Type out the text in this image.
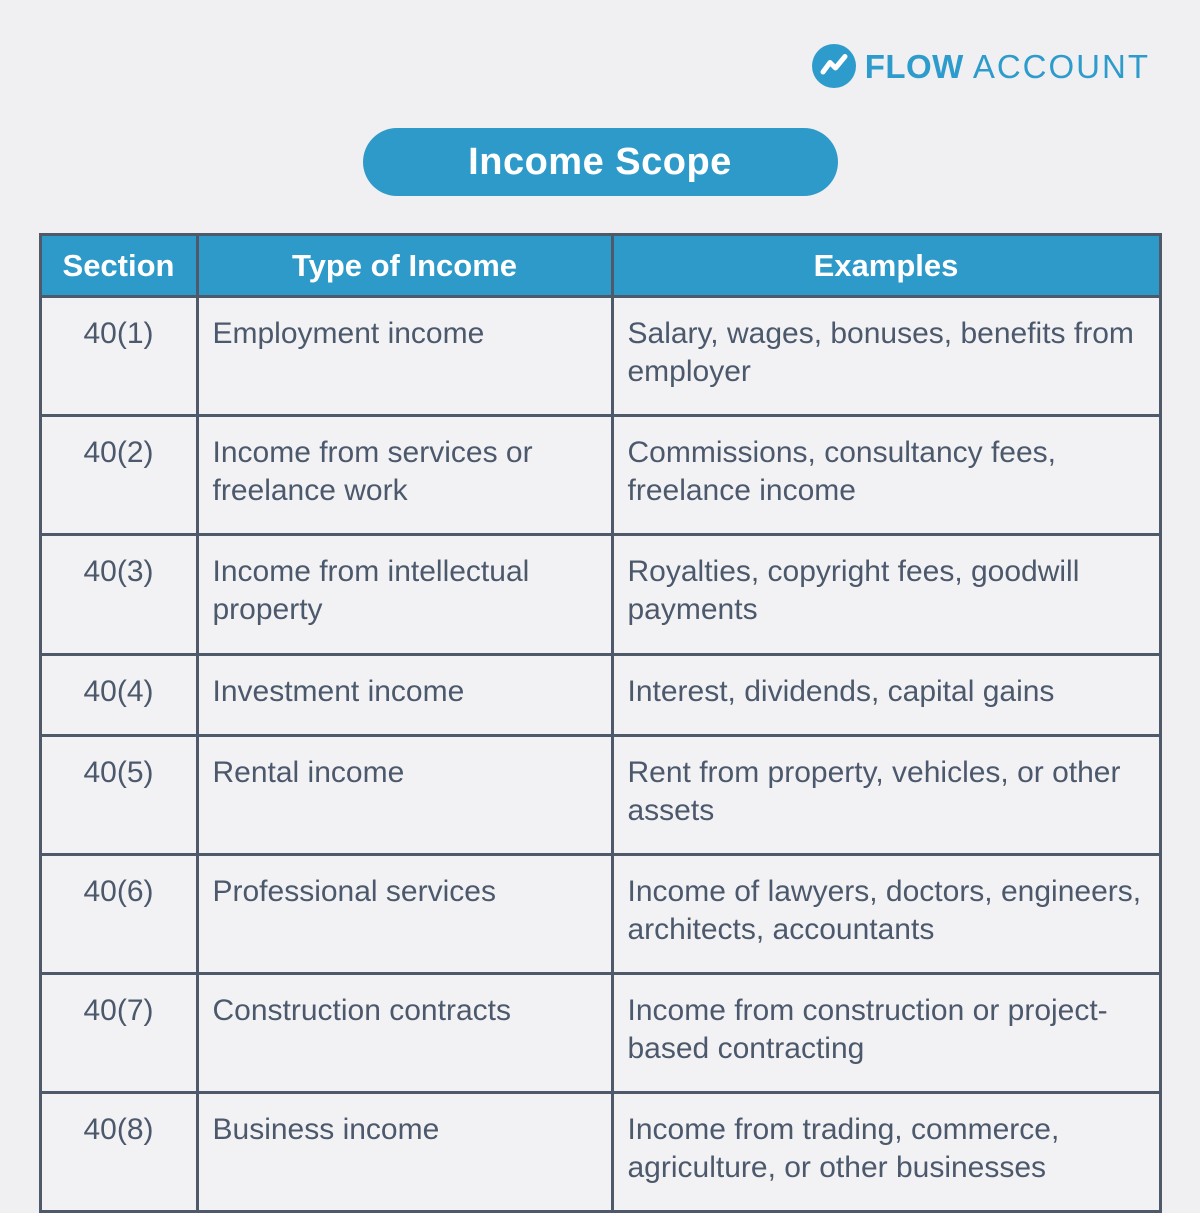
FLOW ACCOUNT
Income Scope
Section	Type of Income	Examples
40(1)	Employment income	Salary, wages, bonuses, benefits from employer
40(2)	Income from services or freelance work	Commissions, consultancy fees, freelance income
40(3)	Income from intellectual property	Royalties, copyright fees, goodwill payments
40(4)	Investment income	Interest, dividends, capital gains
40(5)	Rental income	Rent from property, vehicles, or other assets
40(6)	Professional services	Income of lawyers, doctors, engineers, architects, accountants
40(7)	Construction contracts	Income from construction or project-based contracting
40(8)	Business income	Income from trading, commerce, agriculture, or other businesses
